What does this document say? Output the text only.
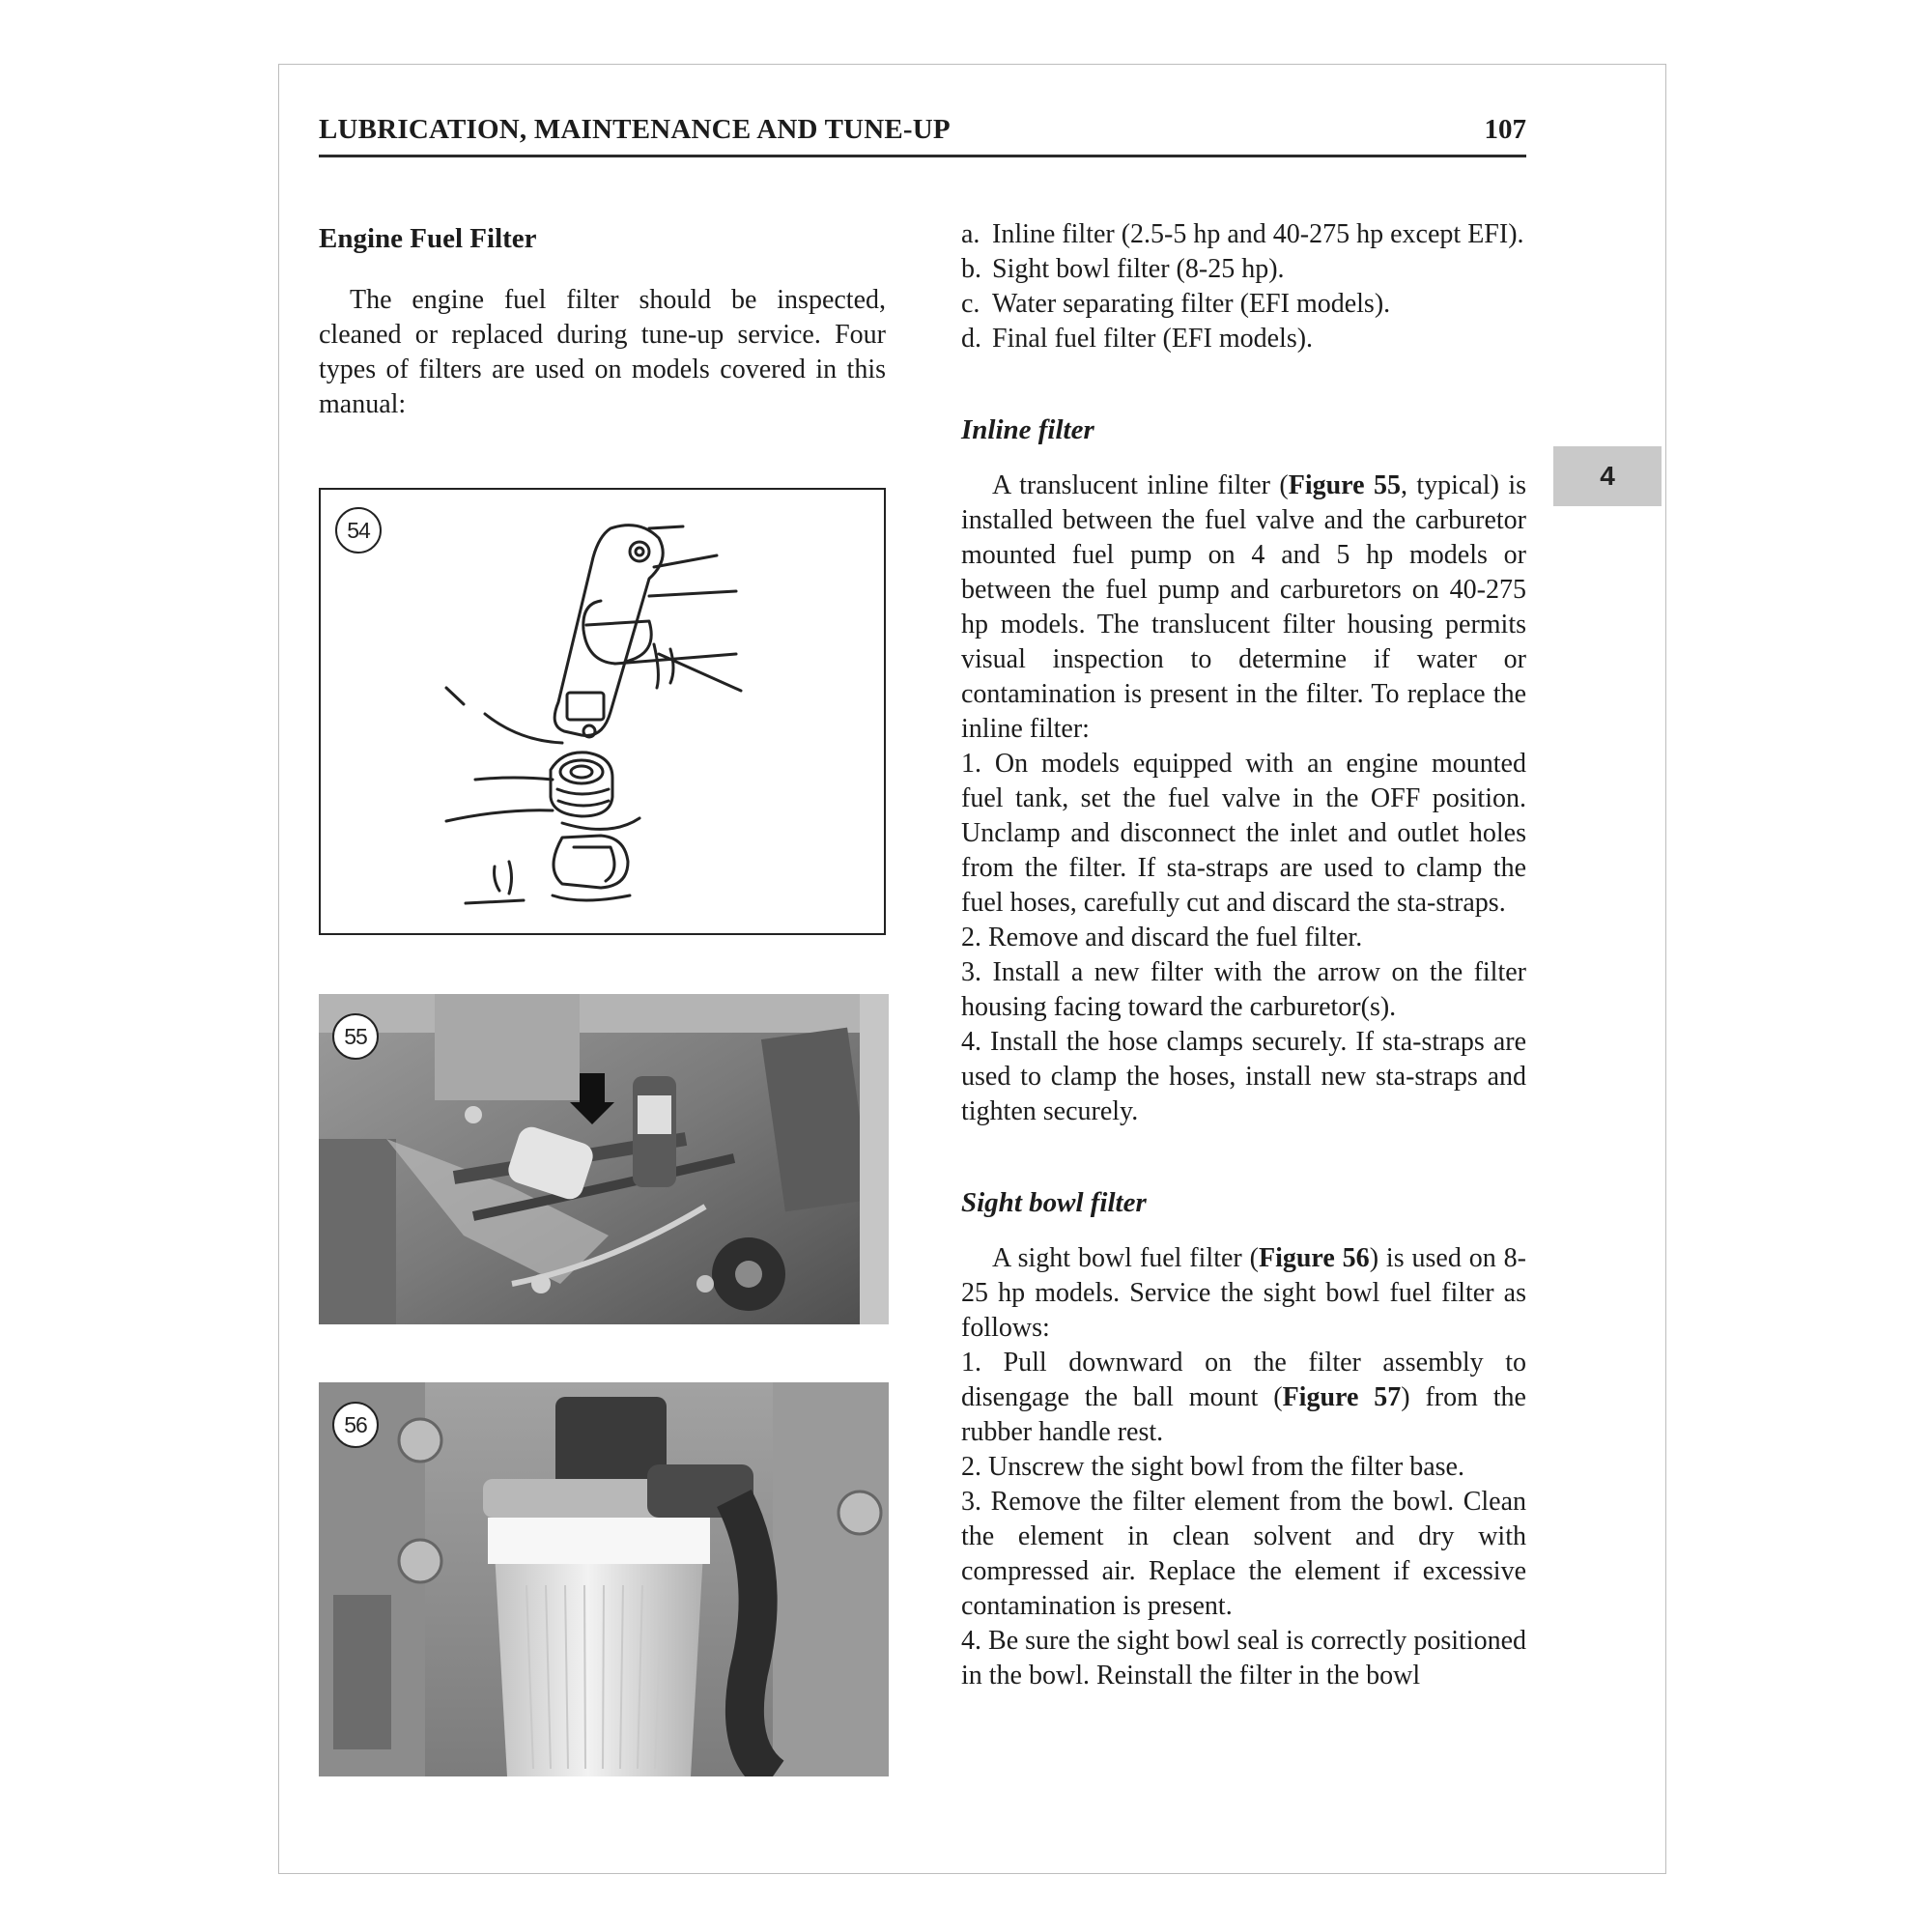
LUBRICATION, MAINTENANCE AND TUNE-UP	107
4
Engine Fuel Filter

The engine fuel filter should be inspected, cleaned or replaced during tune-up service. Four types of filters are used on models covered in this manual:

54
55
56
a. Inline filter (2.5-5 hp and 40-275 hp except EFI).
b. Sight bowl filter (8-25 hp).
c. Water separating filter (EFI models).
d. Final fuel filter (EFI models).
Inline filter

A translucent inline filter (Figure 55, typical) is installed between the fuel valve and the carburetor mounted fuel pump on 4 and 5 hp models or between the fuel pump and carburetors on 40-275 hp models. The translucent filter housing permits visual inspection to determine if water or contamination is present in the filter. To replace the inline filter:

1. On models equipped with an engine mounted fuel tank, set the fuel valve in the OFF position. Unclamp and disconnect the inlet and outlet holes from the filter. If sta-straps are used to clamp the fuel hoses, carefully cut and discard the sta-straps.

2. Remove and discard the fuel filter.

3. Install a new filter with the arrow on the filter housing facing toward the carburetor(s).

4. Install the hose clamps securely. If sta-straps are used to clamp the hoses, install new sta-straps and tighten securely.

Sight bowl filter

A sight bowl fuel filter (Figure 56) is used on 8-25 hp models. Service the sight bowl fuel filter as follows:

1. Pull downward on the filter assembly to disengage the ball mount (Figure 57) from the rubber handle rest.

2. Unscrew the sight bowl from the filter base.

3. Remove the filter element from the bowl. Clean the element in clean solvent and dry with compressed air. Replace the element if excessive contamination is present.

4. Be sure the sight bowl seal is correctly positioned in the bowl. Reinstall the filter in the bowl
